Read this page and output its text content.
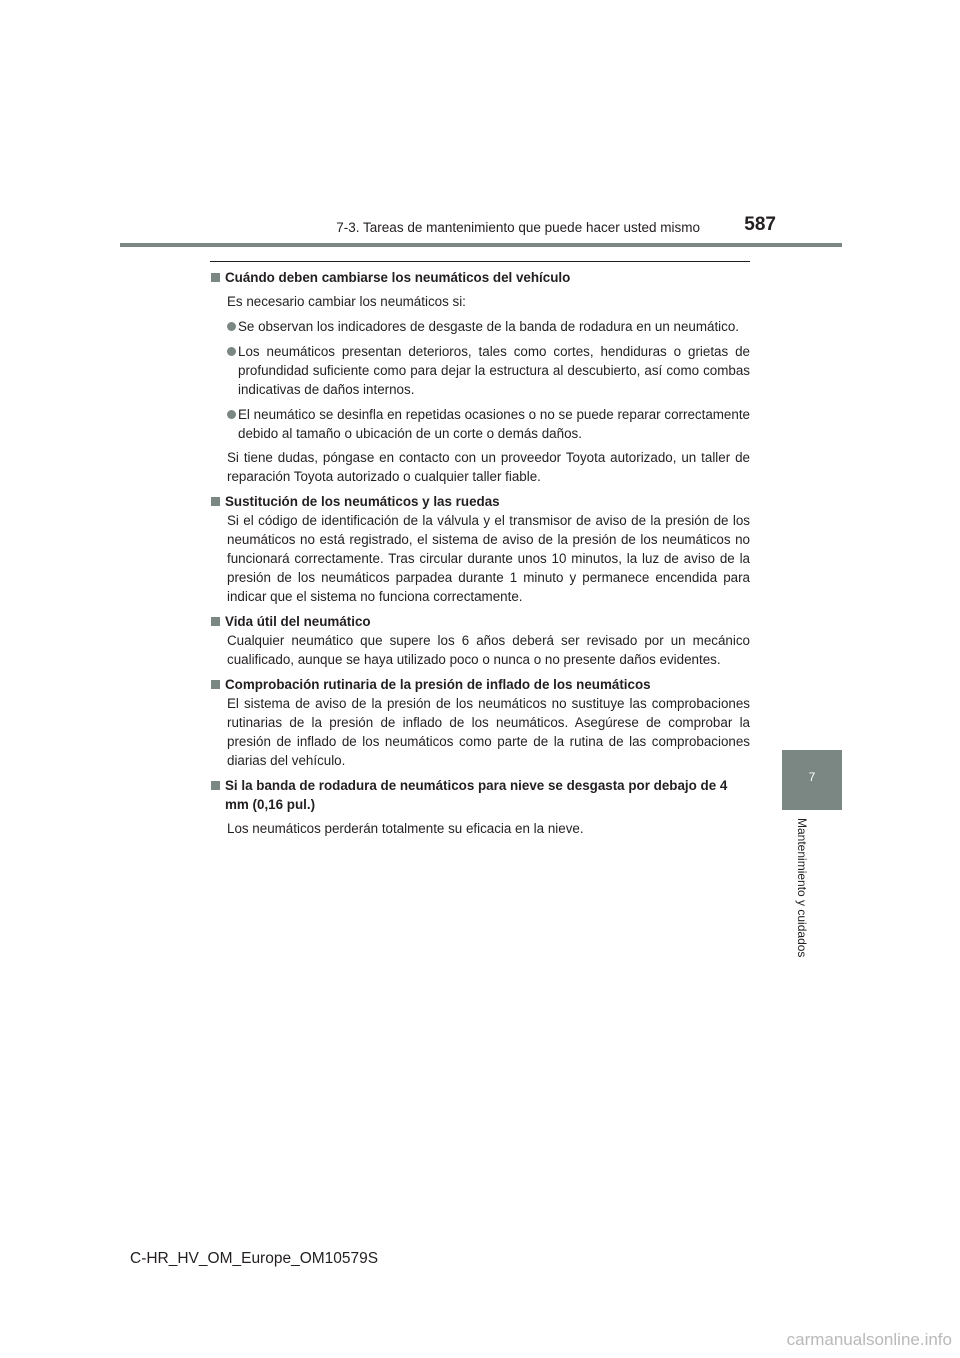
7-3. Tareas de mantenimiento que puede hacer usted mismo	587
7
Mantenimiento y cuidados

Cuándo deben cambiarse los neumáticos del vehículo

Es necesario cambiar los neumáticos si:

Se observan los indicadores de desgaste de la banda de rodadura en un neumático.

Los neumáticos presentan deterioros, tales como cortes, hendiduras o grietas de profundidad suficiente como para dejar la estructura al descubierto, así como combas indicativas de daños internos.

El neumático se desinfla en repetidas ocasiones o no se puede reparar correctamente debido al tamaño o ubicación de un corte o demás daños.

Si tiene dudas, póngase en contacto con un proveedor Toyota autorizado, un taller de reparación Toyota autorizado o cualquier taller fiable.

Sustitución de los neumáticos y las ruedas

Si el código de identificación de la válvula y el transmisor de aviso de la presión de los neumáticos no está registrado, el sistema de aviso de la presión de los neumáticos no funcionará correctamente. Tras circular durante unos 10 minutos, la luz de aviso de la presión de los neumáticos parpadea durante 1 minuto y permanece encendida para indicar que el sistema no funciona correctamente.

Vida útil del neumático

Cualquier neumático que supere los 6 años deberá ser revisado por un mecánico cualificado, aunque se haya utilizado poco o nunca o no presente daños evidentes.

Comprobación rutinaria de la presión de inflado de los neumáticos

El sistema de aviso de la presión de los neumáticos no sustituye las comprobaciones rutinarias de la presión de inflado de los neumáticos. Asegúrese de comprobar la presión de inflado de los neumáticos como parte de la rutina de las comprobaciones diarias del vehículo.

Si la banda de rodadura de neumáticos para nieve se desgasta por debajo de 4 mm (0,16 pul.)

Los neumáticos perderán totalmente su eficacia en la nieve.

C-HR_HV_OM_Europe_OM10579S
carmanualsonline.info
